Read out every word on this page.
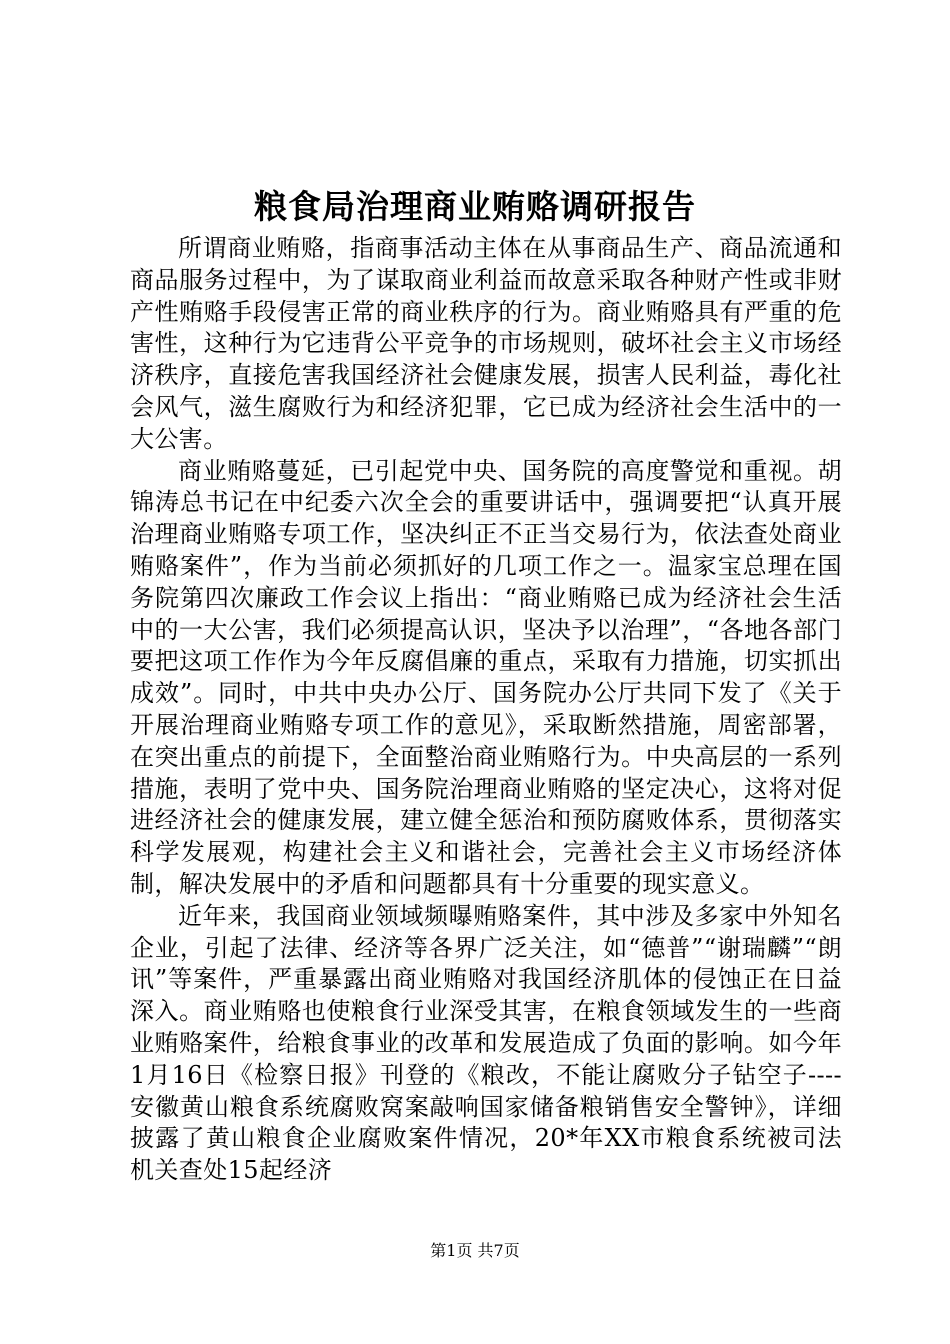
粮食局治理商业贿赂调研报告

所谓商业贿赂，指商事活动主体在从事商品生产、商品流通和商品服务过程中，为了谋取商业利益而故意采取各种财产性或非财产性贿赂手段侵害正常的商业秩序的行为。商业贿赂具有严重的危害性，这种行为它违背公平竞争的市场规则，破坏社会主义市场经济秩序，直接危害我国经济社会健康发展，损害人民利益，毒化社会风气，滋生腐败行为和经济犯罪，它已成为经济社会生活中的一大公害。

商业贿赂蔓延，已引起党中央、国务院的高度警觉和重视。胡锦涛总书记在中纪委六次全会的重要讲话中，强调要把“认真开展治理商业贿赂专项工作，坚决纠正不正当交易行为，依法查处商业贿赂案件”，作为当前必须抓好的几项工作之一。温家宝总理在国务院第四次廉政工作会议上指出：“商业贿赂已成为经济社会生活中的一大公害，我们必须提高认识，坚决予以治理”，“各地各部门要把这项工作作为今年反腐倡廉的重点，采取有力措施，切实抓出成效”。同时，中共中央办公厅、国务院办公厅共同下发了《关于开展治理商业贿赂专项工作的意见》，采取断然措施，周密部署，在突出重点的前提下，全面整治商业贿赂行为。中央高层的一系列措施，表明了党中央、国务院治理商业贿赂的坚定决心，这将对促进经济社会的健康发展，建立健全惩治和预防腐败体系，贯彻落实科学发展观，构建社会主义和谐社会，完善社会主义市场经济体制，解决发展中的矛盾和问题都具有十分重要的现实意义。

近年来，我国商业领域频曝贿赂案件，其中涉及多家中外知名企业，引起了法律、经济等各界广泛关注，如“德普”“谢瑞麟”“朗讯”等案件，严重暴露出商业贿赂对我国经济肌体的侵蚀正在日益深入。商业贿赂也使粮食行业深受其害，在粮食领域发生的一些商业贿赂案件，给粮食事业的改革和发展造成了负面的影响。如今年1月16日《检察日报》刊登的《粮改，不能让腐败分子钻空子----安徽黄山粮食系统腐败窝案敲响国家储备粮销售安全警钟》，详细披露了黄山粮食企业腐败案件情况，20*年XX市粮食系统被司法机关查处15起经济

第1页 共7页
